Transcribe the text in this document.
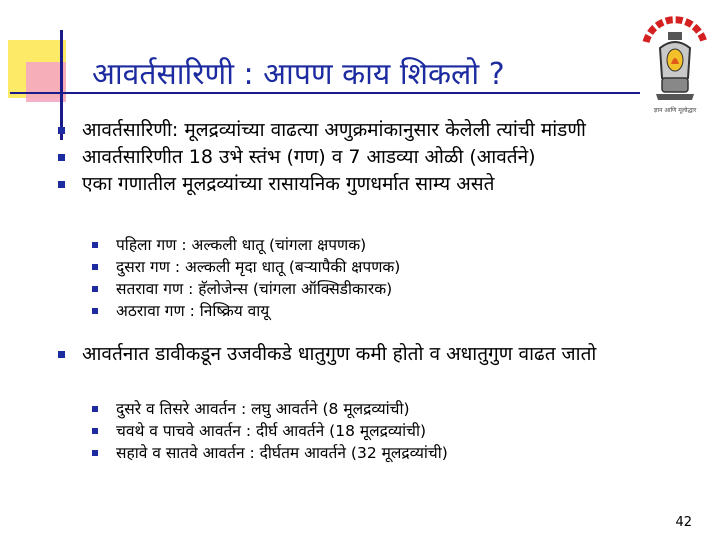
आवर्तसारिणी : आपण काय शिकलो ?
ज्ञान आणि मूलोद्धार
आवर्तसारिणी: मूलद्रव्यांच्या वाढत्या अणुक्रमांकानुसार केलेली त्यांची मांडणी
आवर्तसारिणीत 18 उभे स्तंभ (गण) व 7 आडव्या ओळी (आवर्तने)
एका गणातील मूलद्रव्यांच्या रासायनिक गुणधर्मात साम्य असते
पहिला गण : अल्कली धातू (चांगला क्षपणक)
दुसरा गण : अल्कली मृदा धातू (बऱ्यापैकी क्षपणक)
सतरावा गण : हॅलोजेन्स (चांगला ऑक्सिडीकारक)
अठरावा गण : निष्क्रिय वायू
आवर्तनात डावीकडून उजवीकडे धातुगुण कमी होतो व अधातुगुण वाढत जातो
दुसरे व तिसरे आवर्तन : लघु आवर्तने (8 मूलद्रव्यांची)
चवथे व पाचवे आवर्तन : दीर्घ आवर्तने (18 मूलद्रव्यांची)
सहावे व सातवे आवर्तन : दीर्घतम आवर्तने (32 मूलद्रव्यांची)
42
